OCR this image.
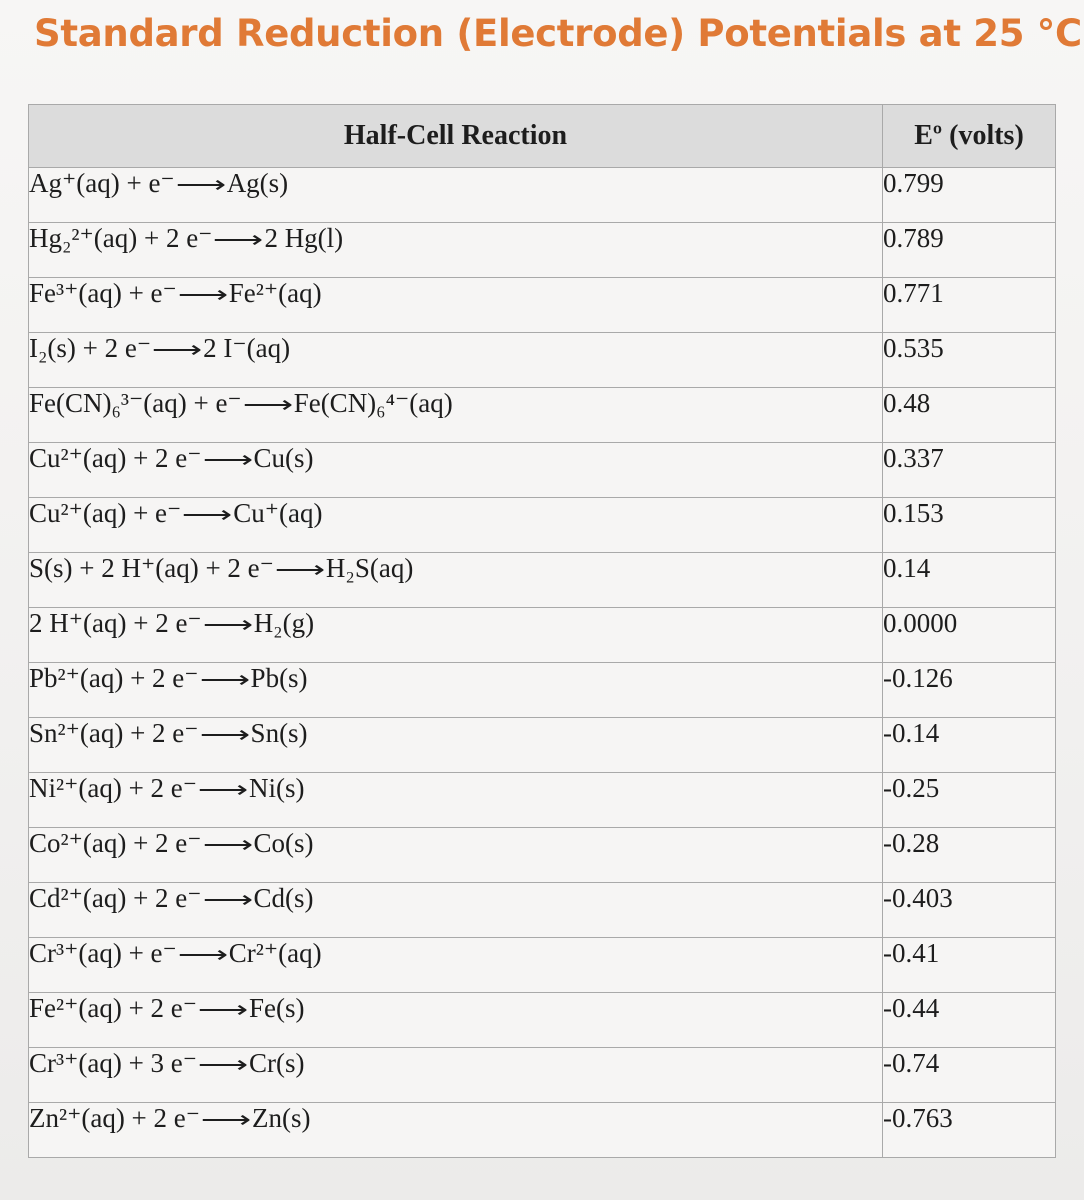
Standard Reduction (Electrode) Potentials at 25 °C
Half-Cell Reaction	Eº (volts)
Ag⁺(aq) + e⁻⟶Ag(s)	0.799
Hg₂²⁺(aq) + 2 e⁻⟶2 Hg(l)	0.789
Fe³⁺(aq) + e⁻⟶Fe²⁺(aq)	0.771
I₂(s) + 2 e⁻⟶2 I⁻(aq)	0.535
Fe(CN)₆³⁻(aq) + e⁻⟶Fe(CN)₆⁴⁻(aq)	0.48
Cu²⁺(aq) + 2 e⁻⟶Cu(s)	0.337
Cu²⁺(aq) + e⁻⟶Cu⁺(aq)	0.153
S(s) + 2 H⁺(aq) + 2 e⁻⟶H₂S(aq)	0.14
2 H⁺(aq) + 2 e⁻⟶H₂(g)	0.0000
Pb²⁺(aq) + 2 e⁻⟶Pb(s)	-0.126
Sn²⁺(aq) + 2 e⁻⟶Sn(s)	-0.14
Ni²⁺(aq) + 2 e⁻⟶Ni(s)	-0.25
Co²⁺(aq) + 2 e⁻⟶Co(s)	-0.28
Cd²⁺(aq) + 2 e⁻⟶Cd(s)	-0.403
Cr³⁺(aq) + e⁻⟶Cr²⁺(aq)	-0.41
Fe²⁺(aq) + 2 e⁻⟶Fe(s)	-0.44
Cr³⁺(aq) + 3 e⁻⟶Cr(s)	-0.74
Zn²⁺(aq) + 2 e⁻⟶Zn(s)	-0.763
